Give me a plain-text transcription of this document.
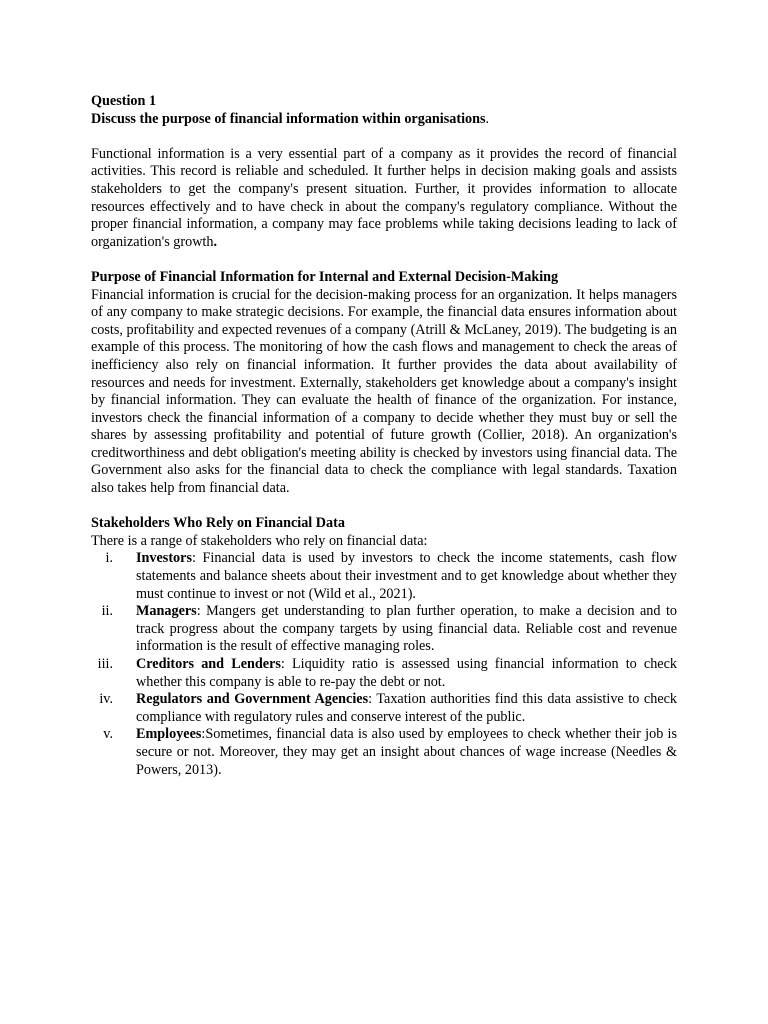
Question 1

Discuss the purpose of financial information within organisations.

Functional information is a very essential part of a company as it provides the record of financial activities. This record is reliable and scheduled. It further helps in decision making goals and assists stakeholders to get the company's present situation. Further, it provides information to allocate resources effectively and to have check in about the company's regulatory compliance. Without the proper financial information, a company may face problems while taking decisions leading to lack of organization's growth.

Purpose of Financial Information for Internal and External Decision-Making

Financial information is crucial for the decision-making process for an organization. It helps managers of any company to make strategic decisions. For example, the financial data ensures information about costs, profitability and expected revenues of a company (Atrill & McLaney, 2019). The budgeting is an example of this process. The monitoring of how the cash flows and management to check the areas of inefficiency also rely on financial information. It further provides the data about availability of resources and needs for investment. Externally, stakeholders get knowledge about a company's insight by financial information. They can evaluate the health of finance of the organization. For instance, investors check the financial information of a company to decide whether they must buy or sell the shares by assessing profitability and potential of future growth (Collier, 2018). An organization's creditworthiness and debt obligation's meeting ability is checked by investors using financial data. The Government also asks for the financial data to check the compliance with legal standards. Taxation also takes help from financial data.

Stakeholders Who Rely on Financial Data

There is a range of stakeholders who rely on financial data:

i. Investors: Financial data is used by investors to check the income statements, cash flow statements and balance sheets about their investment and to get knowledge about whether they must continue to invest or not (Wild et al., 2021).
ii. Managers: Mangers get understanding to plan further operation, to make a decision and to track progress about the company targets by using financial data. Reliable cost and revenue information is the result of effective managing roles.
iii. Creditors and Lenders: Liquidity ratio is assessed using financial information to check whether this company is able to re-pay the debt or not.
iv. Regulators and Government Agencies: Taxation authorities find this data assistive to check compliance with regulatory rules and conserve interest of the public.
v. Employees:Sometimes, financial data is also used by employees to check whether their job is secure or not. Moreover, they may get an insight about chances of wage increase (Needles & Powers, 2013).
